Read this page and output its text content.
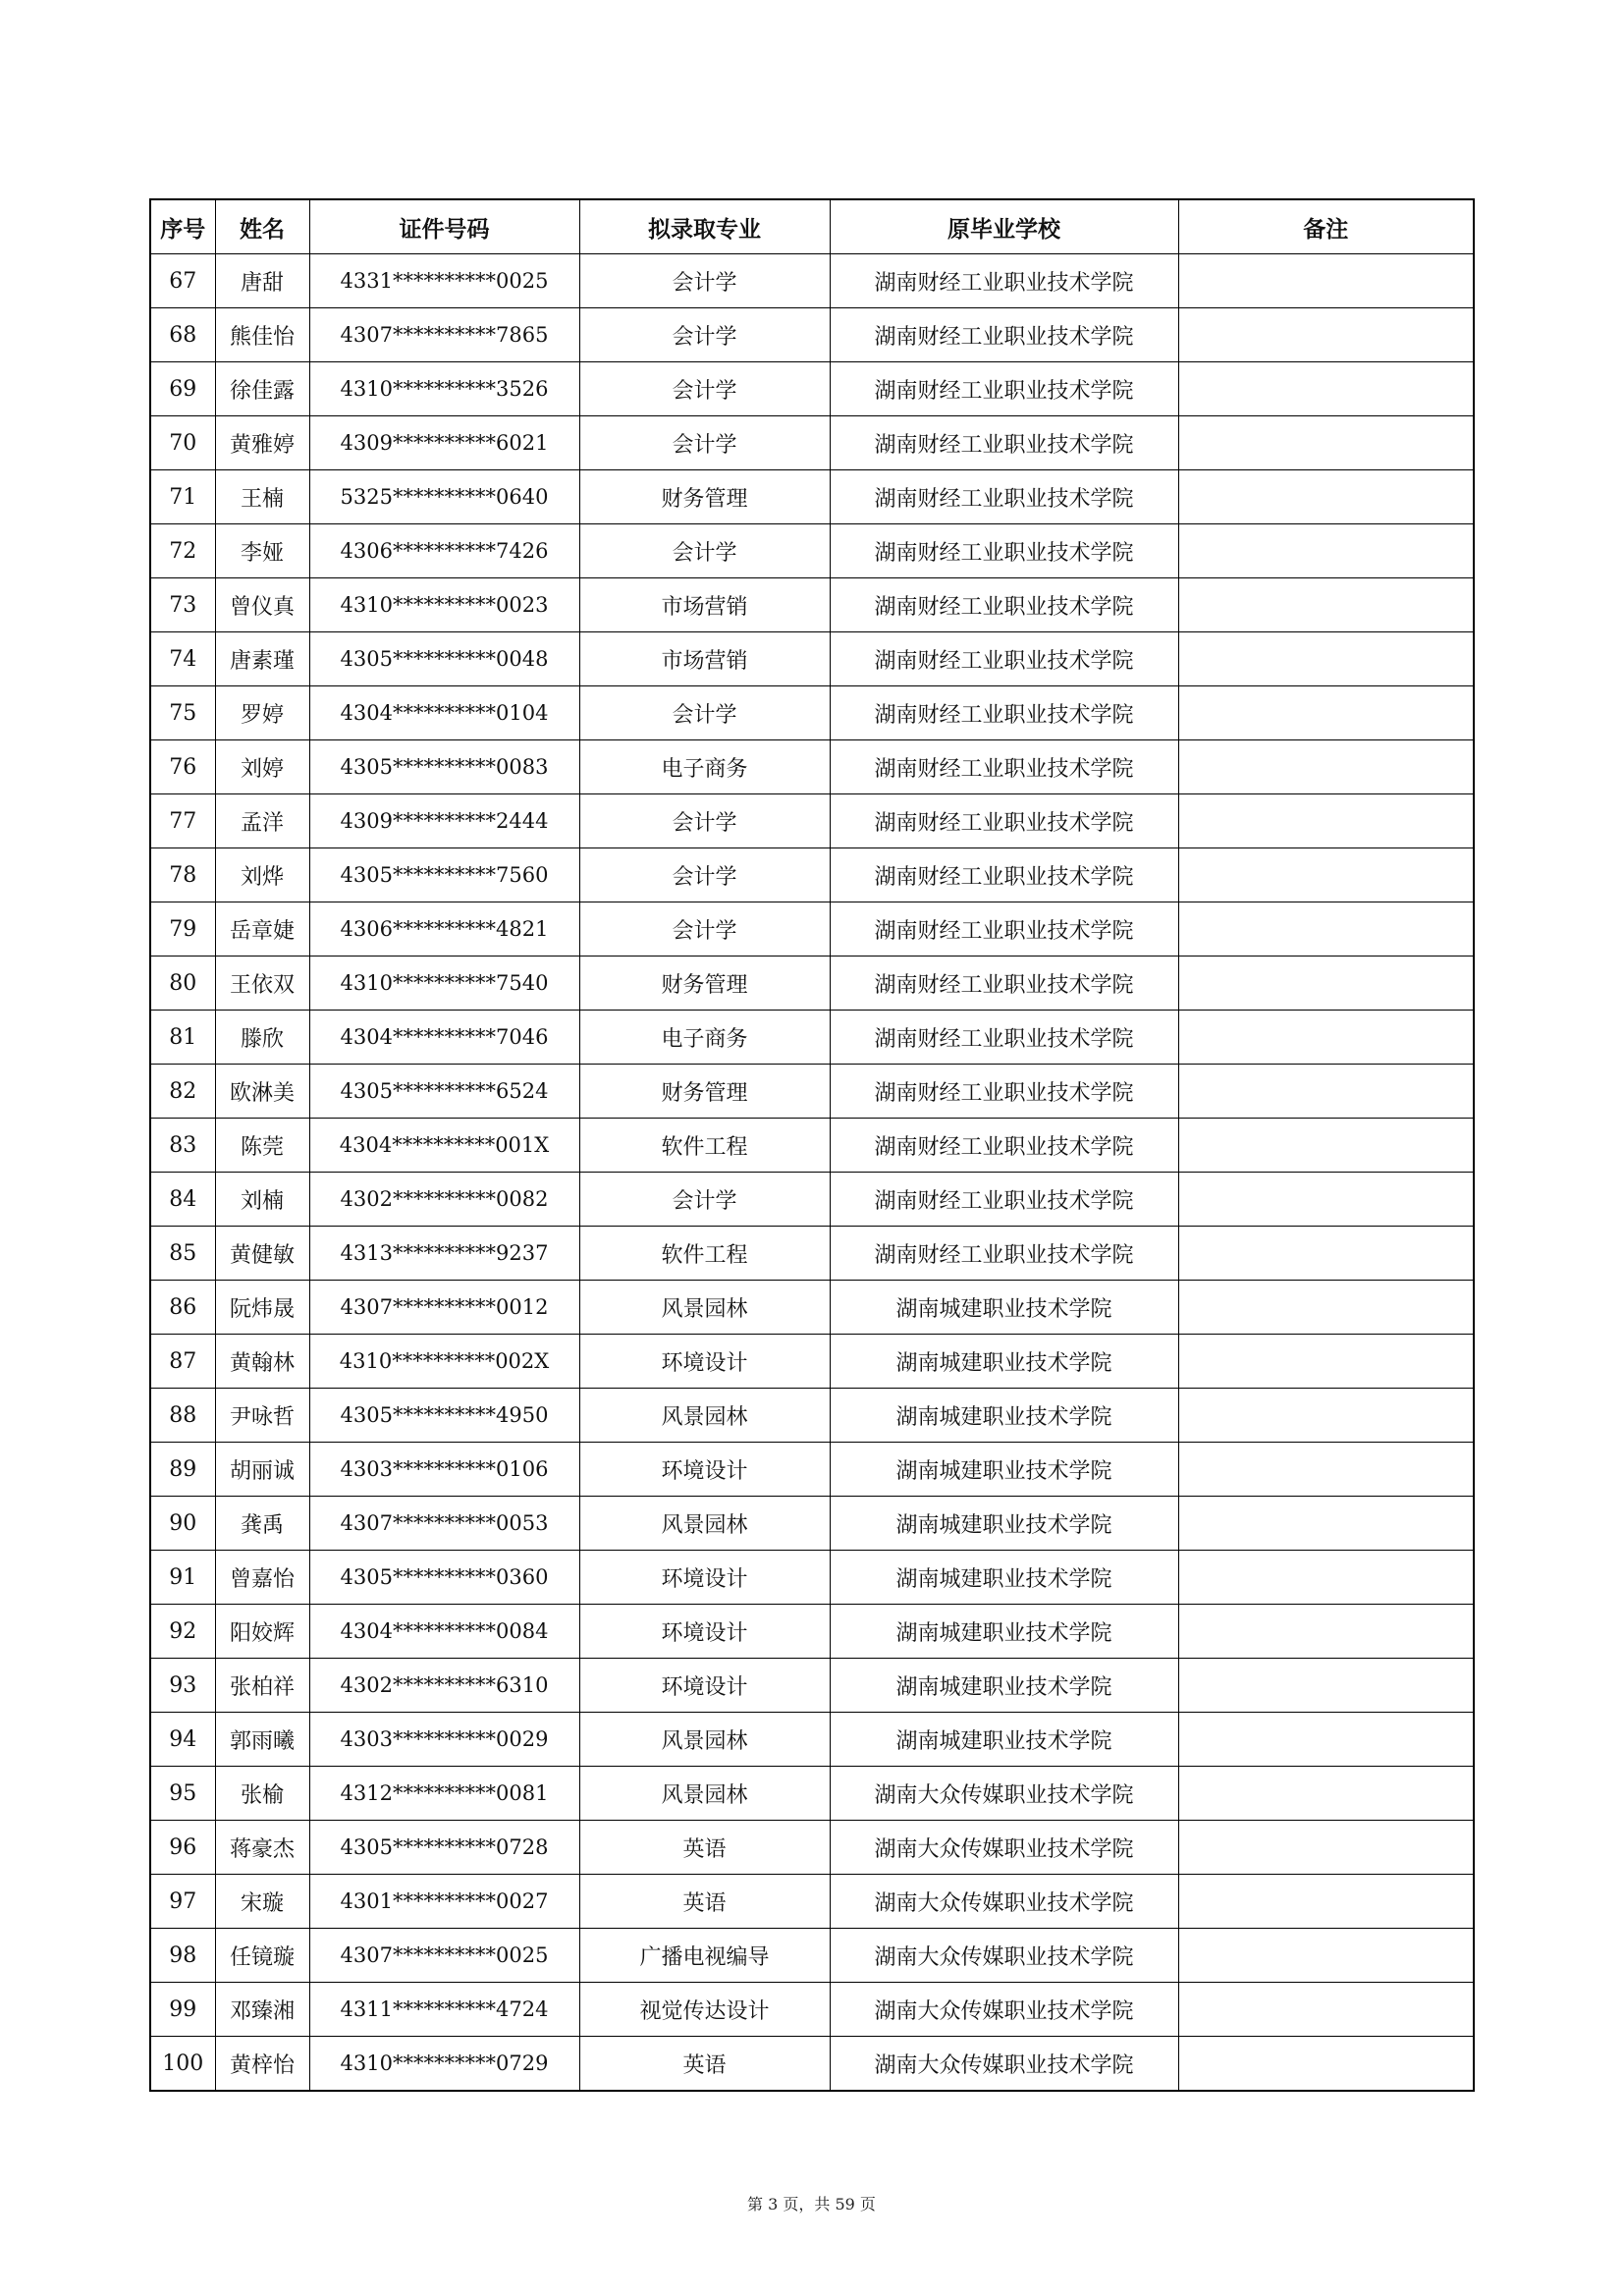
序号	姓名	证件号码	拟录取专业	原毕业学校	备注
67	唐甜	4331**********0025	会计学	湖南财经工业职业技术学院	
68	熊佳怡	4307**********7865	会计学	湖南财经工业职业技术学院	
69	徐佳露	4310**********3526	会计学	湖南财经工业职业技术学院	
70	黄雅婷	4309**********6021	会计学	湖南财经工业职业技术学院	
71	王楠	5325**********0640	财务管理	湖南财经工业职业技术学院	
72	李娅	4306**********7426	会计学	湖南财经工业职业技术学院	
73	曾仪真	4310**********0023	市场营销	湖南财经工业职业技术学院	
74	唐素瑾	4305**********0048	市场营销	湖南财经工业职业技术学院	
75	罗婷	4304**********0104	会计学	湖南财经工业职业技术学院	
76	刘婷	4305**********0083	电子商务	湖南财经工业职业技术学院	
77	孟洋	4309**********2444	会计学	湖南财经工业职业技术学院	
78	刘烨	4305**********7560	会计学	湖南财经工业职业技术学院	
79	岳章婕	4306**********4821	会计学	湖南财经工业职业技术学院	
80	王依双	4310**********7540	财务管理	湖南财经工业职业技术学院	
81	滕欣	4304**********7046	电子商务	湖南财经工业职业技术学院	
82	欧淋美	4305**********6524	财务管理	湖南财经工业职业技术学院	
83	陈莞	4304**********001X	软件工程	湖南财经工业职业技术学院	
84	刘楠	4302**********0082	会计学	湖南财经工业职业技术学院	
85	黄健敏	4313**********9237	软件工程	湖南财经工业职业技术学院	
86	阮炜晟	4307**********0012	风景园林	湖南城建职业技术学院	
87	黄翰林	4310**********002X	环境设计	湖南城建职业技术学院	
88	尹咏哲	4305**********4950	风景园林	湖南城建职业技术学院	
89	胡丽诚	4303**********0106	环境设计	湖南城建职业技术学院	
90	龚禹	4307**********0053	风景园林	湖南城建职业技术学院	
91	曾嘉怡	4305**********0360	环境设计	湖南城建职业技术学院	
92	阳姣辉	4304**********0084	环境设计	湖南城建职业技术学院	
93	张柏祥	4302**********6310	环境设计	湖南城建职业技术学院	
94	郭雨曦	4303**********0029	风景园林	湖南城建职业技术学院	
95	张榆	4312**********0081	风景园林	湖南大众传媒职业技术学院	
96	蒋豪杰	4305**********0728	英语	湖南大众传媒职业技术学院	
97	宋璇	4301**********0027	英语	湖南大众传媒职业技术学院	
98	任镜璇	4307**********0025	广播电视编导	湖南大众传媒职业技术学院	
99	邓臻湘	4311**********4724	视觉传达设计	湖南大众传媒职业技术学院	
100	黄梓怡	4310**********0729	英语	湖南大众传媒职业技术学院	
第 3 页，共 59 页
